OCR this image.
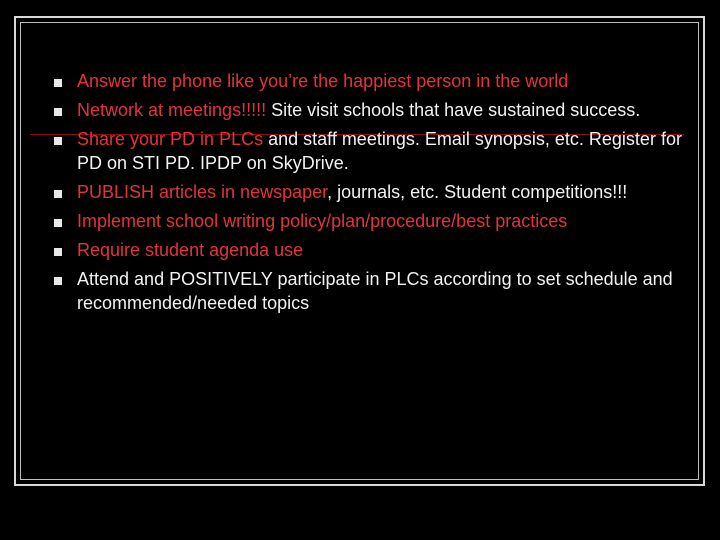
Answer the phone like you’re the happiest person in the world
Network at meetings!!!!! Site visit schools that have sustained success.
Share your PD in PLCs and staff meetings. Email synopsis, etc. Register for PD on STI PD. IPDP on SkyDrive.
PUBLISH articles in newspaper, journals, etc. Student competitions!!!
Implement school writing policy/plan/procedure/best practices
Require student agenda use
Attend and POSITIVELY participate in PLCs according to set schedule and recommended/needed topics
